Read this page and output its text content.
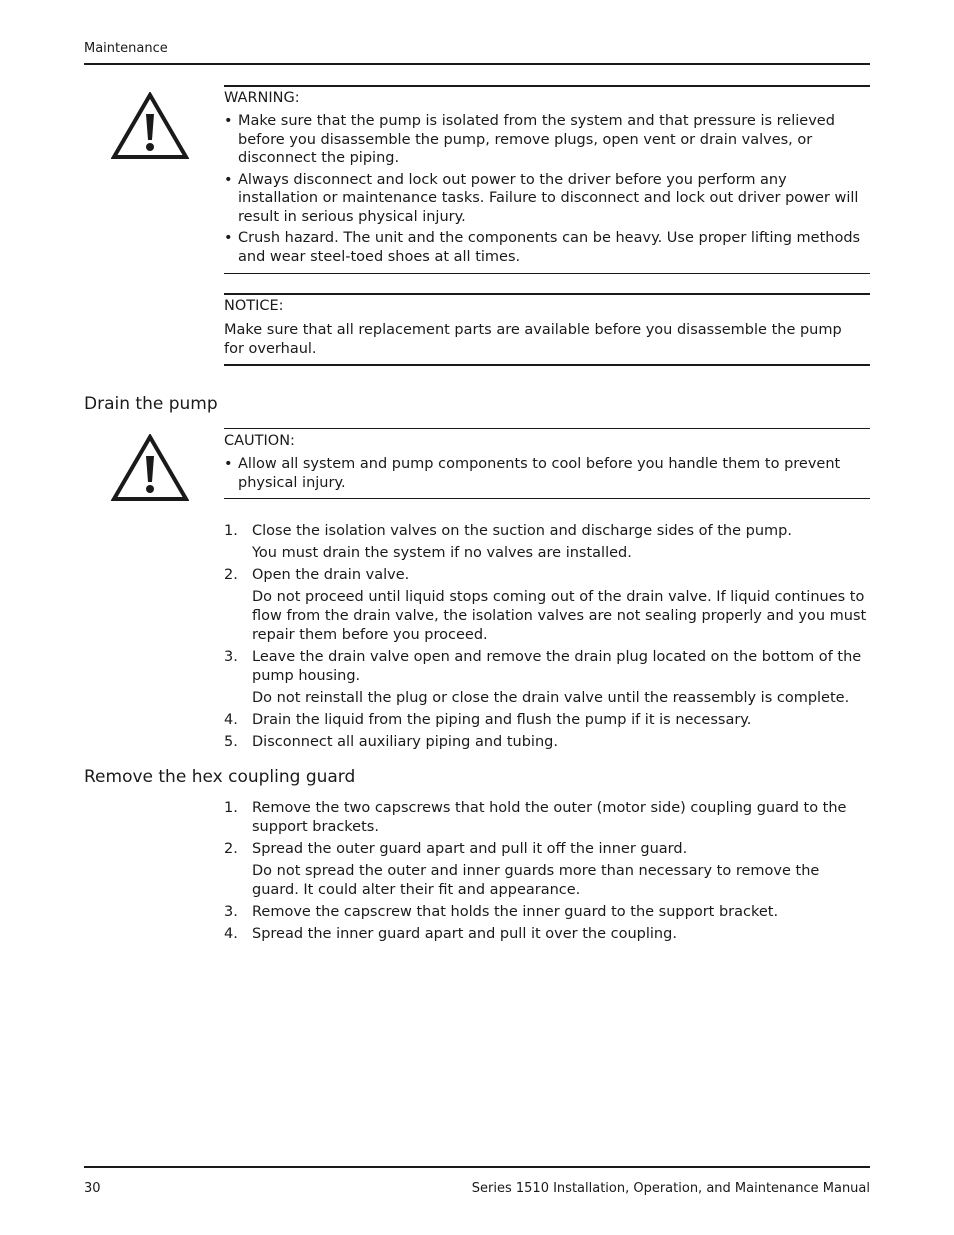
Maintenance
WARNING:
• Make sure that the pump is isolated from the system and that pressure is relieved before you disassemble the pump, remove plugs, open vent or drain valves, or disconnect the piping.
• Always disconnect and lock out power to the driver before you perform any installation or maintenance tasks. Failure to disconnect and lock out driver power will result in serious physical injury.
• Crush hazard. The unit and the components can be heavy. Use proper lifting methods and wear steel-toed shoes at all times.
NOTICE:
Make sure that all replacement parts are available before you disassemble the pump for overhaul.
Drain the pump
CAUTION:
• Allow all system and pump components to cool before you handle them to prevent physical injury.
1. Close the isolation valves on the suction and discharge sides of the pump.
You must drain the system if no valves are installed.
2. Open the drain valve.
Do not proceed until liquid stops coming out of the drain valve. If liquid continues to flow from the drain valve, the isolation valves are not sealing properly and you must repair them before you proceed.
3. Leave the drain valve open and remove the drain plug located on the bottom of the pump housing.
Do not reinstall the plug or close the drain valve until the reassembly is complete.
4. Drain the liquid from the piping and flush the pump if it is necessary.
5. Disconnect all auxiliary piping and tubing.
Remove the hex coupling guard
1. Remove the two capscrews that hold the outer (motor side) coupling guard to the support brackets.
2. Spread the outer guard apart and pull it off the inner guard.
Do not spread the outer and inner guards more than necessary to remove the guard. It could alter their fit and appearance.
3. Remove the capscrew that holds the inner guard to the support bracket.
4. Spread the inner guard apart and pull it over the coupling.
30	Series 1510 Installation, Operation, and Maintenance Manual
